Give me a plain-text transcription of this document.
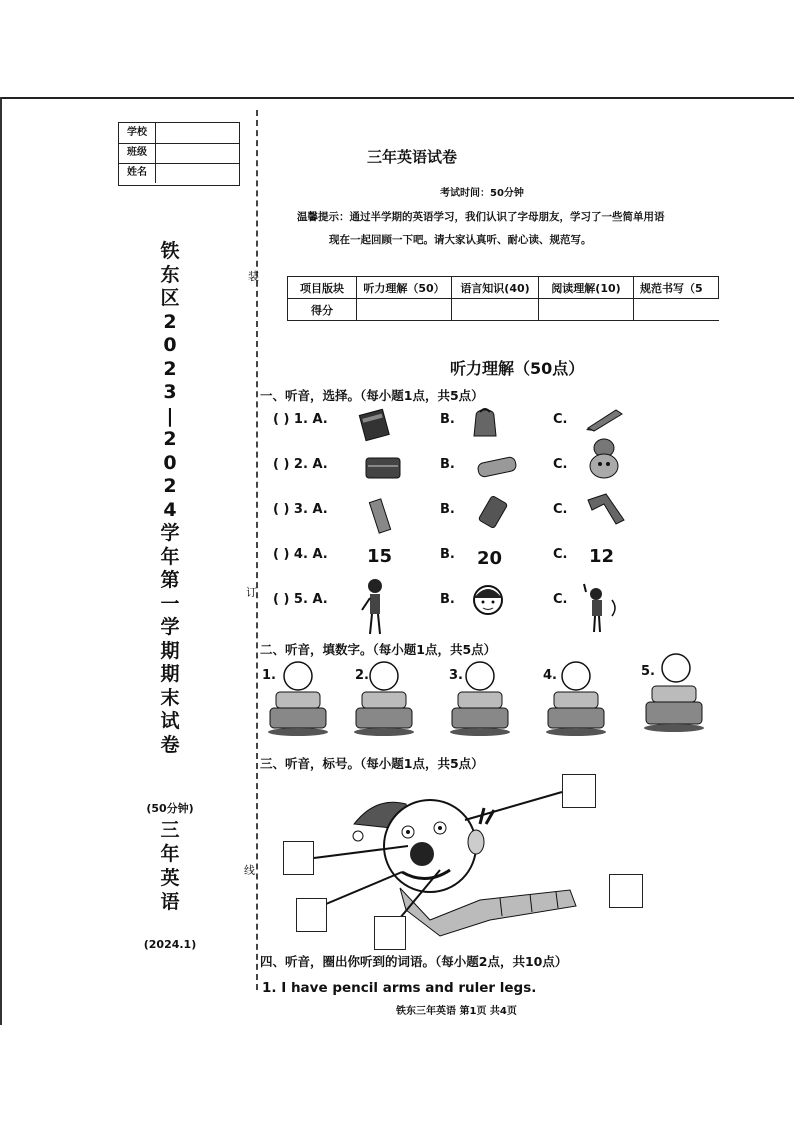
学校
班级
姓名
铁
东
区
2
0
2
3
|
2
0
2
4
学
年
第
一
学
期
期
末
试
卷
(50分钟)
三
年
英
语
(2024.1)
装
订
线
三年英语试卷
考试时间：50分钟
温馨提示：通过半学期的英语学习，我们认识了字母朋友，学习了一些简单用语
现在一起回顾一下吧。请大家认真听、耐心读、规范写。
项目版块	听力理解（50）	语言知识(40)	阅读理解(10)	规范书写（5
得分				
听力理解（50点）
一、听音，选择。（每小题1点，共5点）
( ) 1. A.	B.	C.
( ) 2. A.	B.	C.
( ) 3. A.	B.	C.
( ) 4. A. 15	B. 20	C. 12
( ) 5. A.	B.	C.
二、听音，填数字。（每小题1点，共5点）
1.	2.	3.	4.	5.
三、听音，标号。（每小题1点，共5点）
四、听音，圈出你听到的词语。（每小题2点，共10点）
1. I have pencil arms and ruler legs.
铁东三年英语 第1页 共4页
